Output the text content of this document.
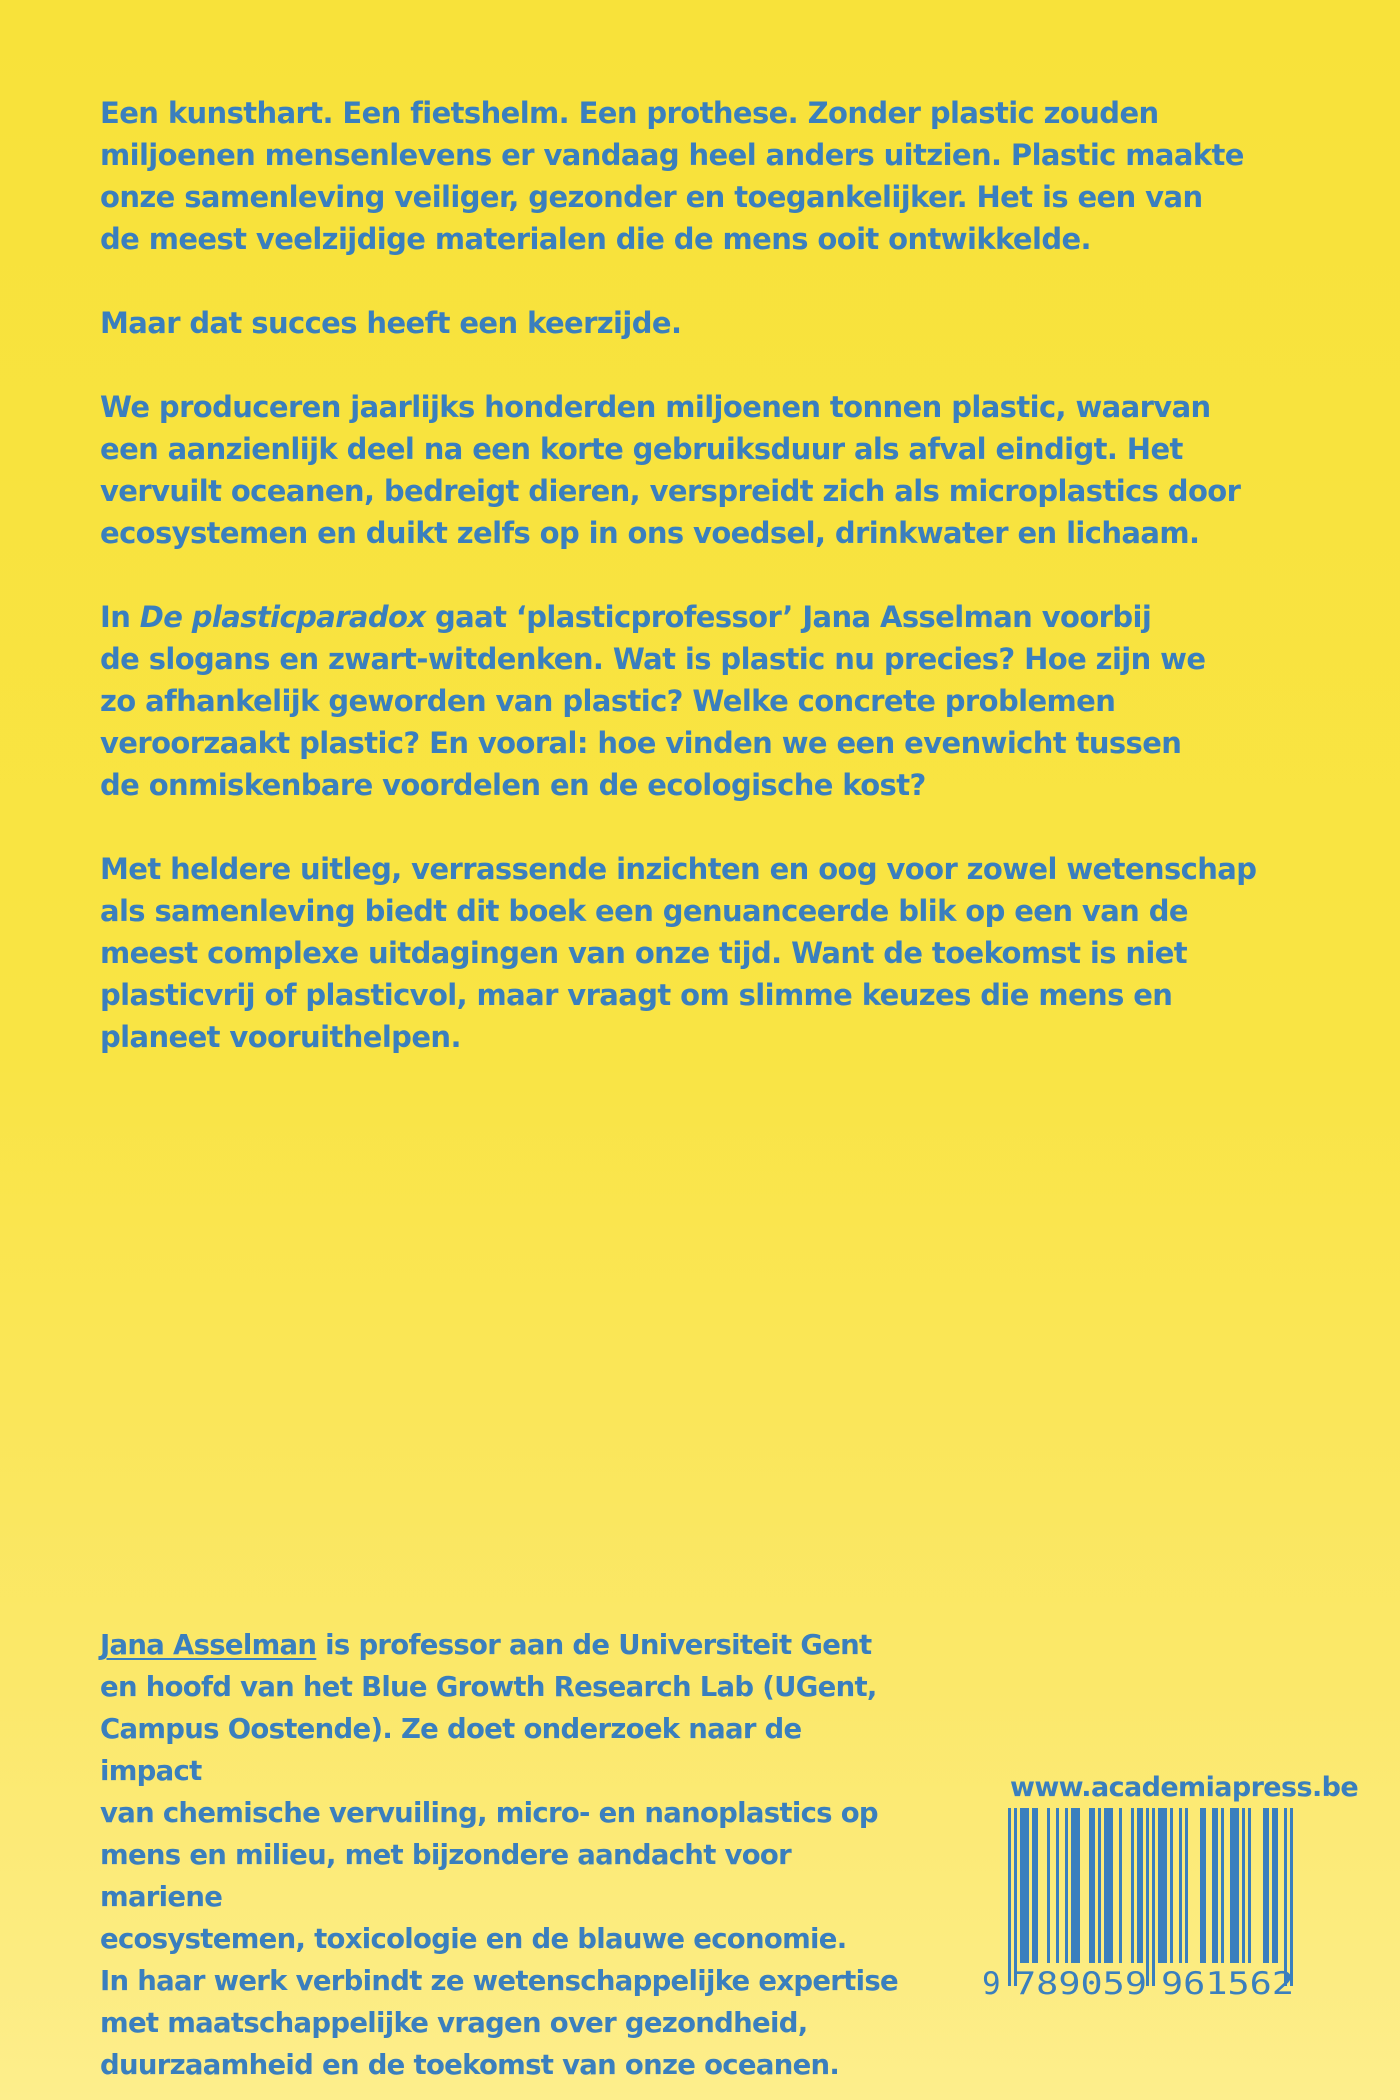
Een kunsthart. Een fietshelm. Een prothese. Zonder plastic zouden
miljoenen mensenlevens er vandaag heel anders uitzien. Plastic maakte
onze samenleving veiliger, gezonder en toegankelijker. Het is een van
de meest veelzijdige materialen die de mens ooit ontwikkelde.

Maar dat succes heeft een keerzijde.

We produceren jaarlijks honderden miljoenen tonnen plastic, waarvan
een aanzienlijk deel na een korte gebruiksduur als afval eindigt. Het
vervuilt oceanen, bedreigt dieren, verspreidt zich als microplastics door
ecosystemen en duikt zelfs op in ons voedsel, drinkwater en lichaam.

In De plasticparadox gaat ‘plasticprofessor’ Jana Asselman voorbij
de slogans en zwart-witdenken. Wat is plastic nu precies? Hoe zijn we
zo afhankelijk geworden van plastic? Welke concrete problemen
veroorzaakt plastic? En vooral: hoe vinden we een evenwicht tussen
de onmiskenbare voordelen en de ecologische kost?

Met heldere uitleg, verrassende inzichten en oog voor zowel wetenschap
als samenleving biedt dit boek een genuanceerde blik op een van de
meest complexe uitdagingen van onze tijd. Want de toekomst is niet
plasticvrij of plasticvol, maar vraagt om slimme keuzes die mens en
planeet vooruithelpen.

Jana Asselman is professor aan de Universiteit Gent
en hoofd van het Blue Growth Research Lab (UGent,
Campus Oostende). Ze doet onderzoek naar de impact
van chemische vervuiling, micro- en nanoplastics op
mens en milieu, met bijzondere aandacht voor mariene
ecosystemen, toxicologie en de blauwe economie.
In haar werk verbindt ze wetenschappelijke expertise
met maatschappelijke vragen over gezondheid,
duurzaamheid en de toekomst van onze oceanen.

www.academiapress.be
9 789059 961562
